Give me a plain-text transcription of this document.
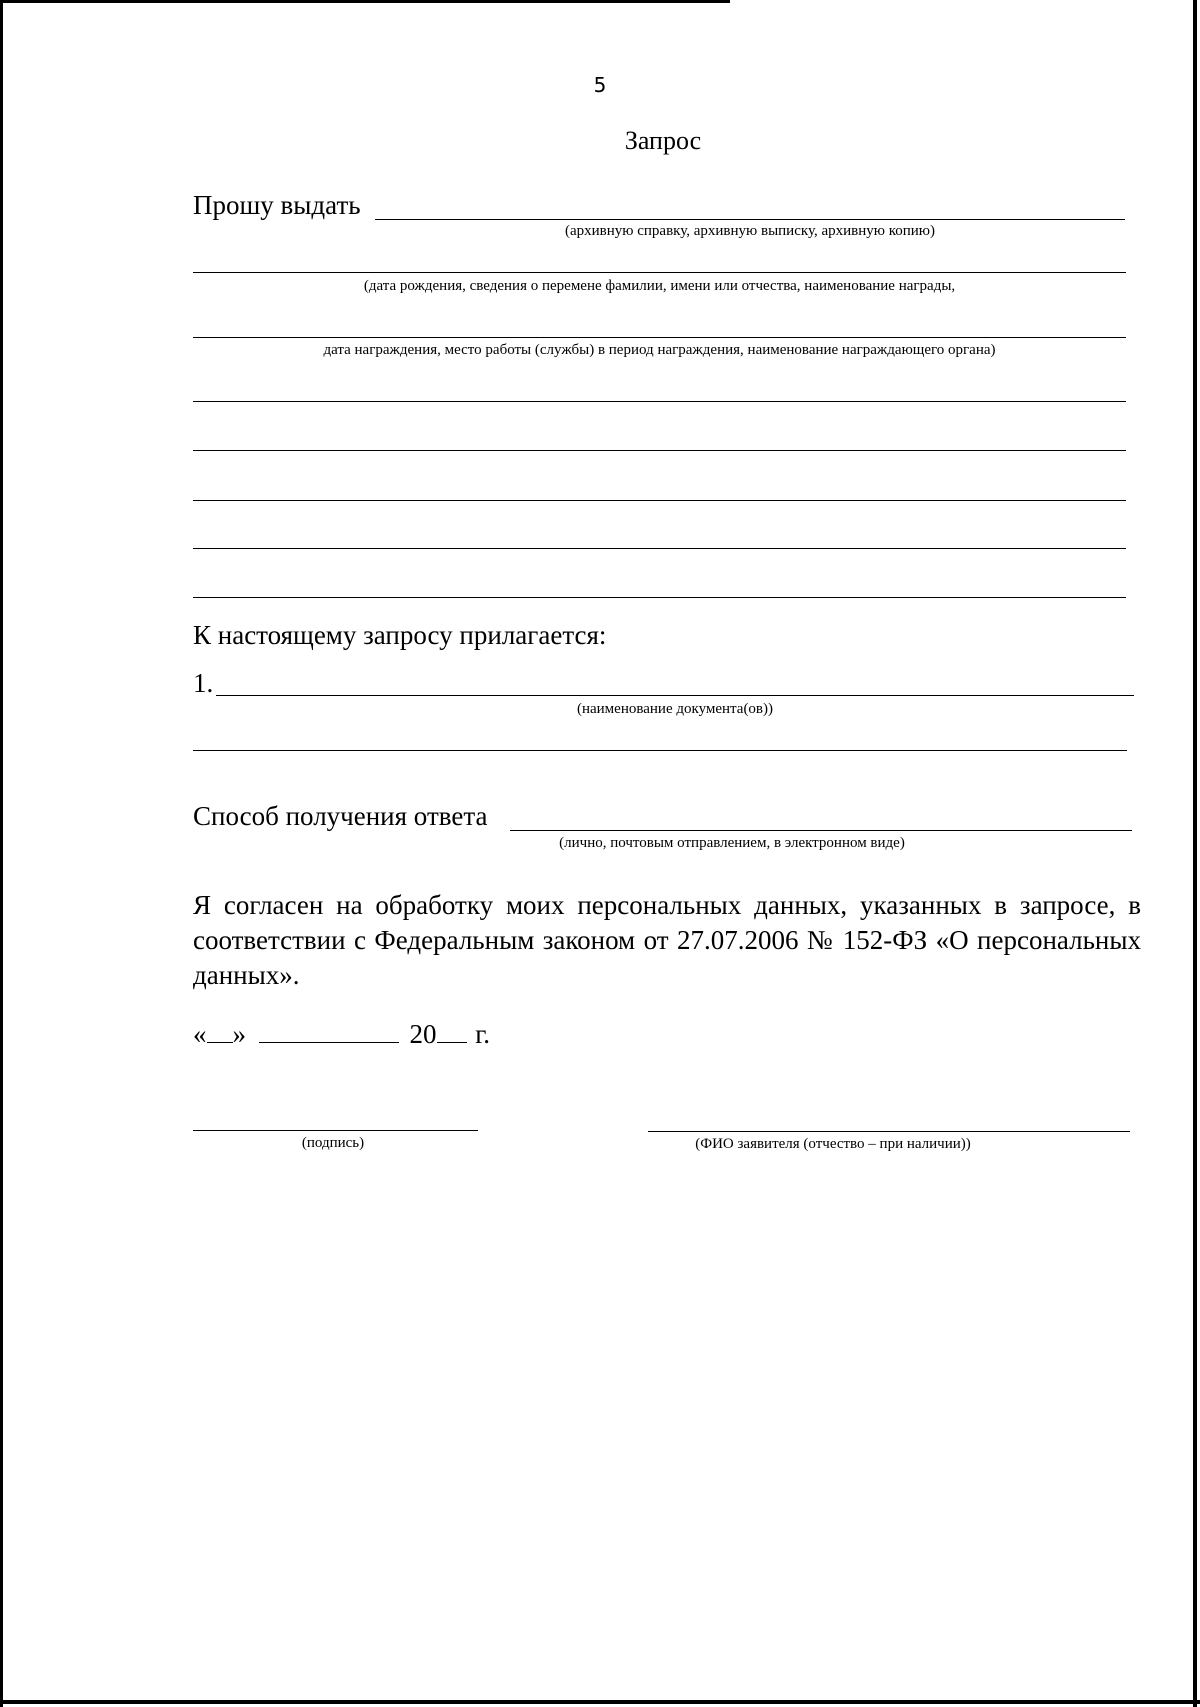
5
Запрос
Прошу выдать
(архивную справку, архивную выписку, архивную копию)
(дата рождения, сведения о перемене фамилии, имени или отчества, наименование награды,
дата награждения, место работы (службы) в период награждения, наименование награждающего органа)
К настоящему запросу прилагается:
1.
(наименование документа(ов))
Способ получения ответа
(лично, почтовым отправлением, в электронном виде)
Я согласен на обработку моих персональных данных, указанных в запросе, в соответствии с Федеральным законом от 27.07.2006 № 152-ФЗ «О персональных данных».
« »	20 г.
(подпись)	(ФИО заявителя (отчество – при наличии))
